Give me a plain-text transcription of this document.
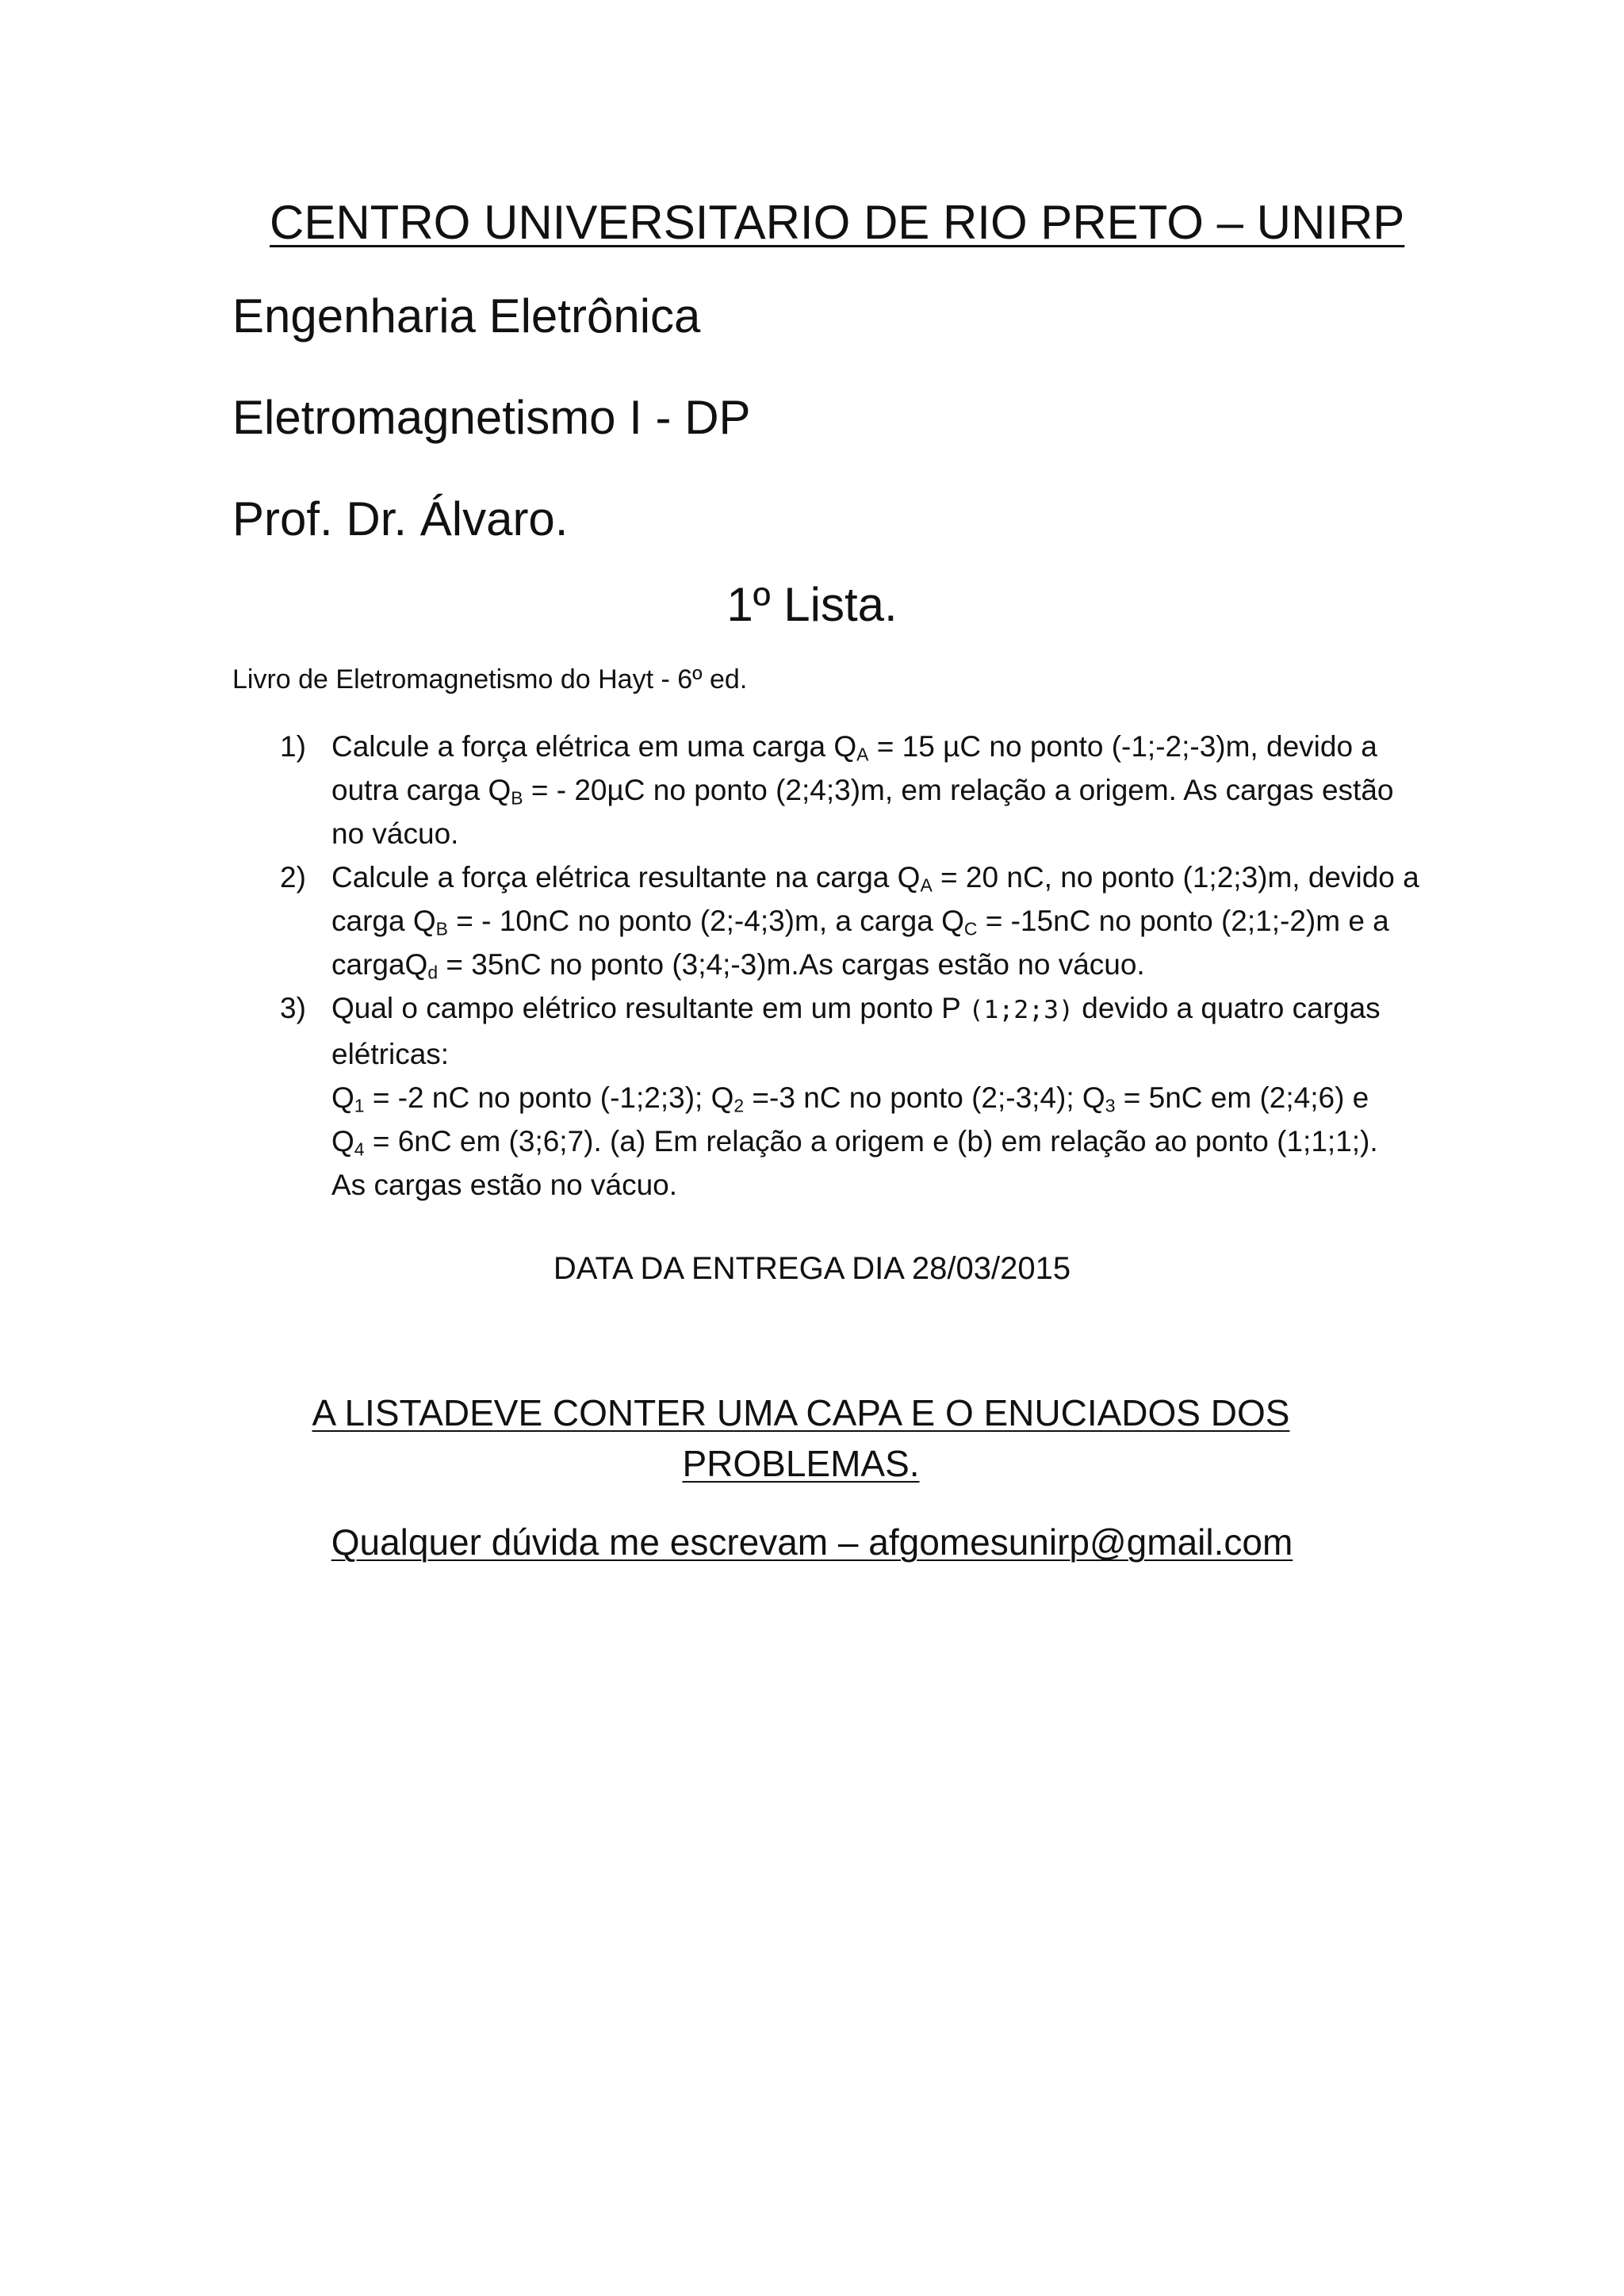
CENTRO UNIVERSITARIO DE RIO PRETO – UNIRP
Engenharia Eletrônica
Eletromagnetismo I - DP
Prof. Dr. Álvaro.
1º Lista.
Livro de Eletromagnetismo do Hayt - 6º ed.
1) Calcule a força elétrica em uma carga $Q_A = 15$ µC no ponto (-1;-2;-3)m, devido a outra carga $Q_B$ = - 20µC no ponto (2;4;3)m, em relação a origem. As cargas estão no vácuo.
2) Calcule a força elétrica resultante na carga $Q_A = 20$ nC, no ponto (1;2;3)m, devido a carga $Q_B$ = - 10nC no ponto (2;-4;3)m, a carga $Q_C = -15nC$ no ponto (2;1;-2)m e a cargaQ$_d$ = 35nC no ponto (3;4;-3)m.As cargas estão no vácuo.
3) Qual o campo elétrico resultante em um ponto P (1;2;3) devido a quatro cargas elétricas:
$Q_1 = -2$ nC no ponto (-1;2;3); $Q_2 =-3$ nC no ponto (2;-3;4); $Q_3 = 5nC$ em (2;4;6) e
$Q_4 = 6nC$ em (3;6;7). (a) Em relação a origem e (b) em relação ao ponto (1;1;1;).
As cargas estão no vácuo.
DATA DA ENTREGA DIA 28/03/2015
A LISTADEVE CONTER UMA CAPA E O ENUCIADOS DOS PROBLEMAS.
Qualquer dúvida me escrevam – afgomesunirp@gmail.com
